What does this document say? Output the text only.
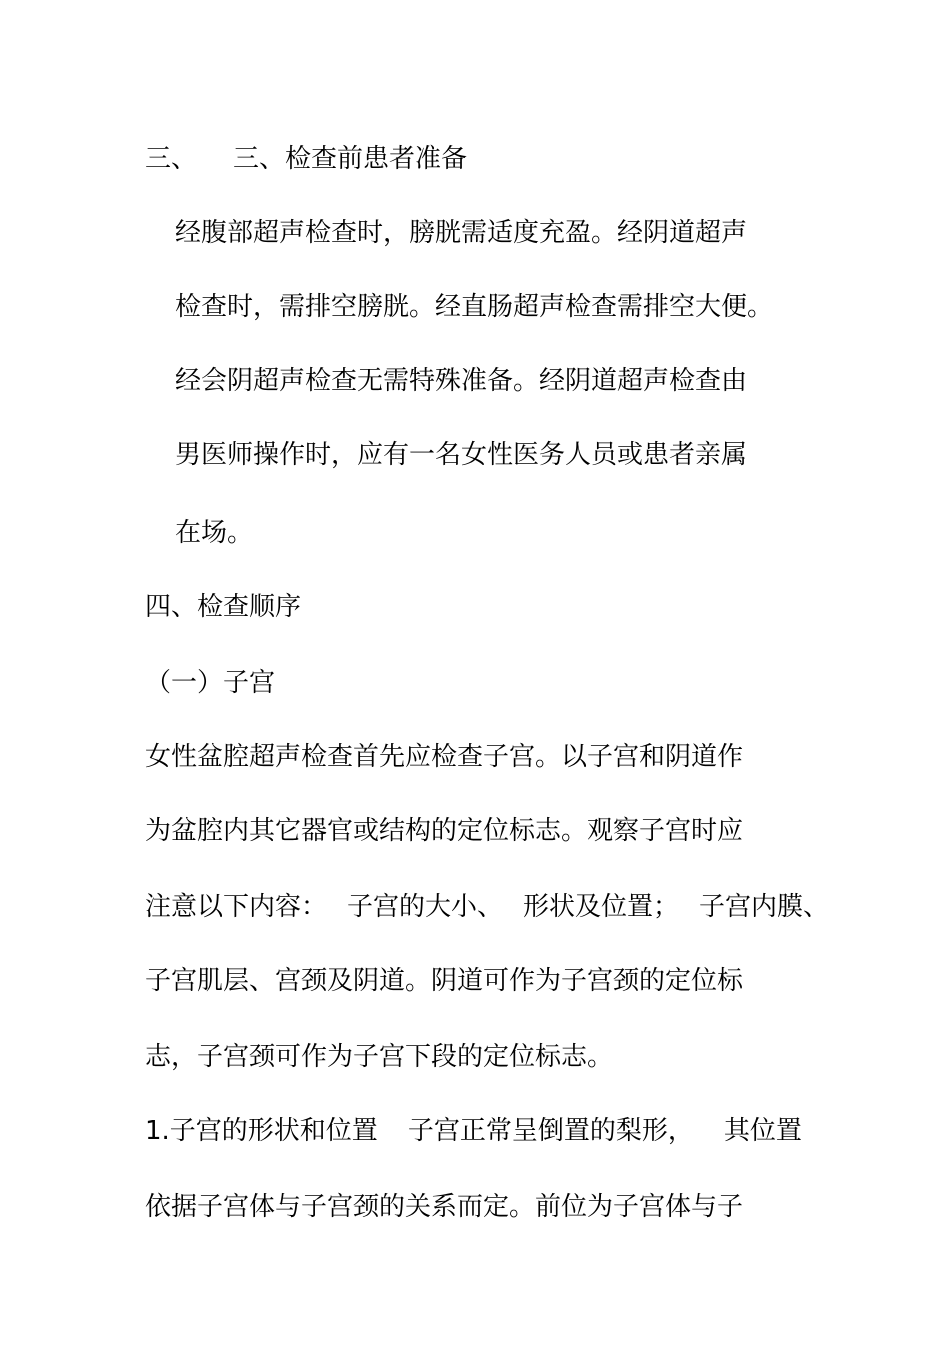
三、 三、检查前患者准备
经腹部超声检查时，膀胱需适度充盈。经阴道超声
检查时，需排空膀胱。经直肠超声检查需排空大便。
经会阴超声检查无需特殊准备。经阴道超声检查由
男医师操作时，应有一名女性医务人员或患者亲属
在场。
四、检查顺序
（一）子宫
女性盆腔超声检查首先应检查子宫。以子宫和阴道作
为盆腔内其它器官或结构的定位标志。观察子宫时应
注意以下内容： 子宫的大小、 形状及位置； 子宫内膜、
子宫肌层、宫颈及阴道。阴道可作为子宫颈的定位标
志，子宫颈可作为子宫下段的定位标志。
1.子宫的形状和位置 子宫正常呈倒置的梨形， 其位置
依据子宫体与子宫颈的关系而定。前位为子宫体与子
